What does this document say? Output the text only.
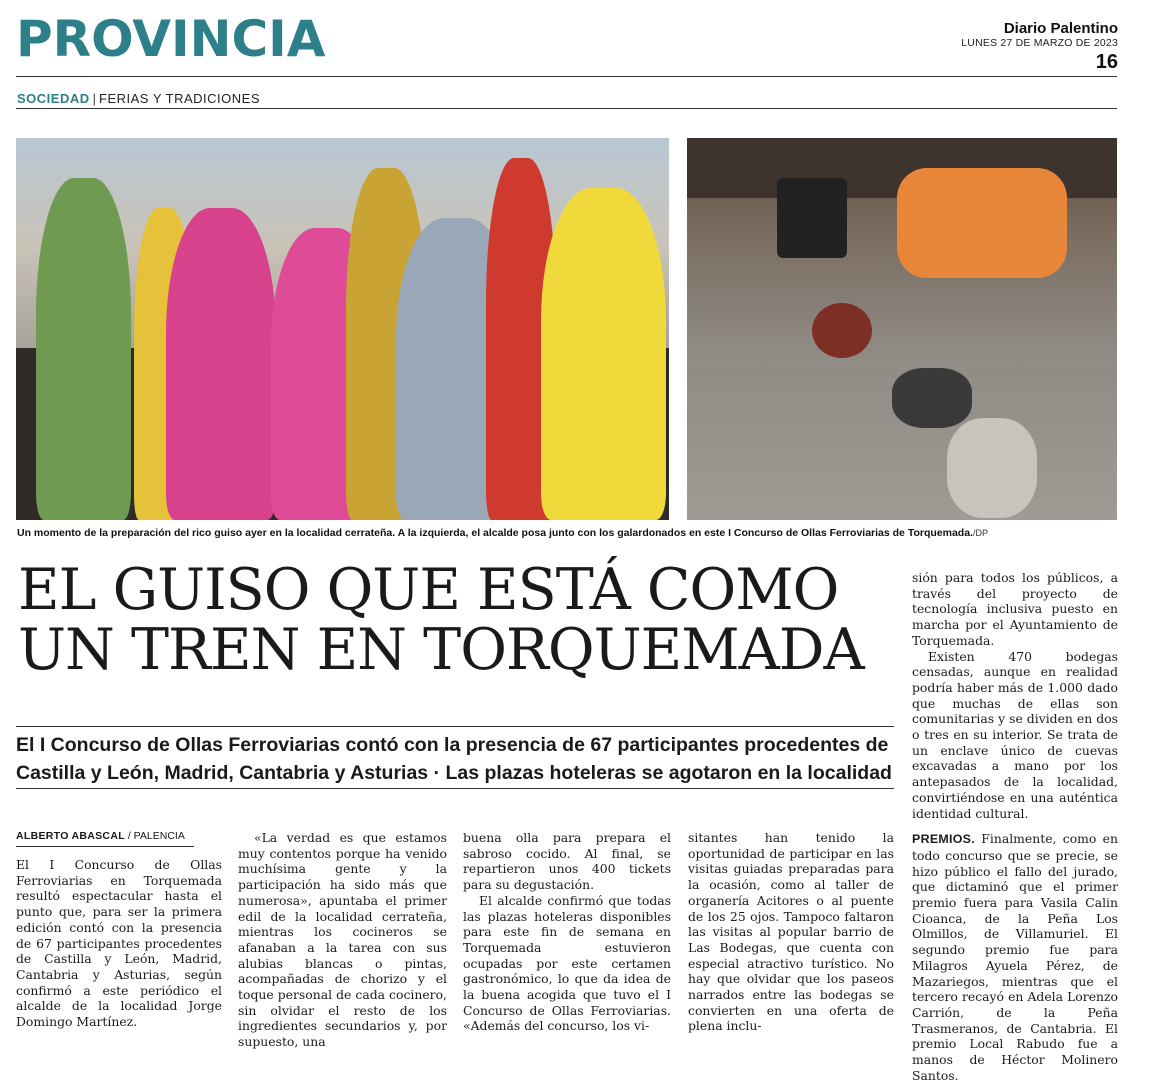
PROVINCIA	Diario Palentino
LUNES 27 DE MARZO DE 2023
16
SOCIEDAD | FERIAS Y TRADICIONES
Un momento de la preparación del rico guiso ayer en la localidad cerrateña. A la izquierda, el alcalde posa junto con los galardonados en este I Concurso de Ollas Ferroviarias de Torquemada./DP
EL GUISO QUE ESTÁ COMO
UN TREN EN TORQUEMADA
El I Concurso de Ollas Ferroviarias contó con la presencia de 67 participantes procedentes de
Castilla y León, Madrid, Cantabria y Asturias · Las plazas hoteleras se agotaron en la localidad
ALBERTO ABASCAL / PALENCIA

El I Concurso de Ollas Ferroviarias en Torquemada resultó espectacular hasta el punto que, para ser la primera edición contó con la presencia de 67 participantes procedentes de Castilla y León, Madrid, Cantabria y Asturias, según confirmó a este periódico el alcalde de la localidad Jorge Domingo Martínez.

«La verdad es que estamos muy contentos porque ha venido muchísima gente y la participación ha sido más que numerosa», apuntaba el primer edil de la localidad cerrateña, mientras los cocineros se afanaban a la tarea con sus alubias blancas o pintas, acompañadas de chorizo y el toque personal de cada cocinero, sin olvidar el resto de los ingredientes secundarios y, por supuesto, una

buena olla para prepara el sabroso cocido. Al final, se repartieron unos 400 tickets para su degustación.

El alcalde confirmó que todas las plazas hoteleras disponibles para este fin de semana en Torquemada estuvieron ocupadas por este certamen gastronómico, lo que da idea de la buena acogida que tuvo el I Concurso de Ollas Ferroviarias. «Además del concurso, los vi-

sitantes han tenido la oportunidad de participar en las visitas guiadas preparadas para la ocasión, como al taller de organería Acitores o al puente de los 25 ojos. Tampoco faltaron las visitas al popular barrio de Las Bodegas, que cuenta con especial atractivo turístico. No hay que olvidar que los paseos narrados entre las bodegas se convierten en una oferta de plena inclu-

sión para todos los públicos, a través del proyecto de tecnología inclusiva puesto en marcha por el Ayuntamiento de Torquemada.

Existen 470 bodegas censadas, aunque en realidad podría haber más de 1.000 dado que muchas de ellas son comunitarias y se dividen en dos o tres en su interior. Se trata de un enclave único de cuevas excavadas a mano por los antepasados de la localidad, convirtiéndose en una auténtica identidad cultural.

PREMIOS. Finalmente, como en todo concurso que se precie, se hizo público el fallo del jurado, que dictaminó que el primer premio fuera para Vasila Calin Cioanca, de la Peña Los Olmillos, de Villamuriel. El segundo premio fue para Milagros Ayuela Pérez, de Mazariegos, mientras que el tercero recayó en Adela Lorenzo Carrión, de la Peña Trasmeranos, de Cantabria. El premio Local Rabudo fue a manos de Héctor Molinero Santos.
